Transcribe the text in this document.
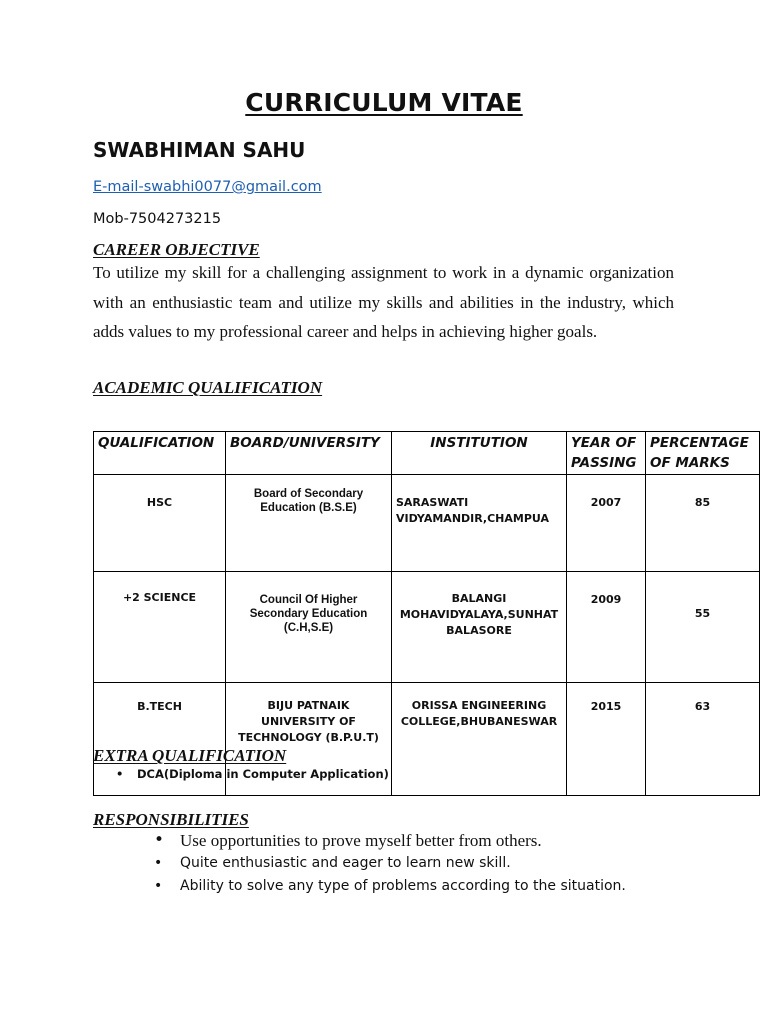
CURRICULUM VITAE
SWABHIMAN SAHU
E-mail-swabhi0077@gmail.com
Mob-7504273215
CAREER OBJECTIVE
To utilize my skill for a challenging assignment to work in a dynamic organization with an enthusiastic team and utilize my skills and abilities in the industry, which adds values to my professional career and helps in achieving higher goals.
ACADEMIC QUALIFICATION
QUALIFICATION	BOARD/UNIVERSITY	INSTITUTION	YEAR OF PASSING	PERCENTAGE OF MARKS
HSC	Board of Secondary Education (B.S.E)	SARASWATI VIDYAMANDIR,CHAMPUA	2007	85
+2 SCIENCE	Council Of Higher Secondary Education (C.H,S.E)	BALANGI MOHAVIDYALAYA,SUNHAT BALASORE	2009	55
B.TECH	BIJU PATNAIK UNIVERSITY OF TECHNOLOGY (B.P.U.T)	ORISSA ENGINEERING COLLEGE,BHUBANESWAR	2015	63
EXTRA QUALIFICATION
• DCA(Diploma in Computer Application)
RESPONSIBILITIES
• Use opportunities to prove myself better from others.
• Quite enthusiastic and eager to learn new skill.
• Ability to solve any type of problems according to the situation.
